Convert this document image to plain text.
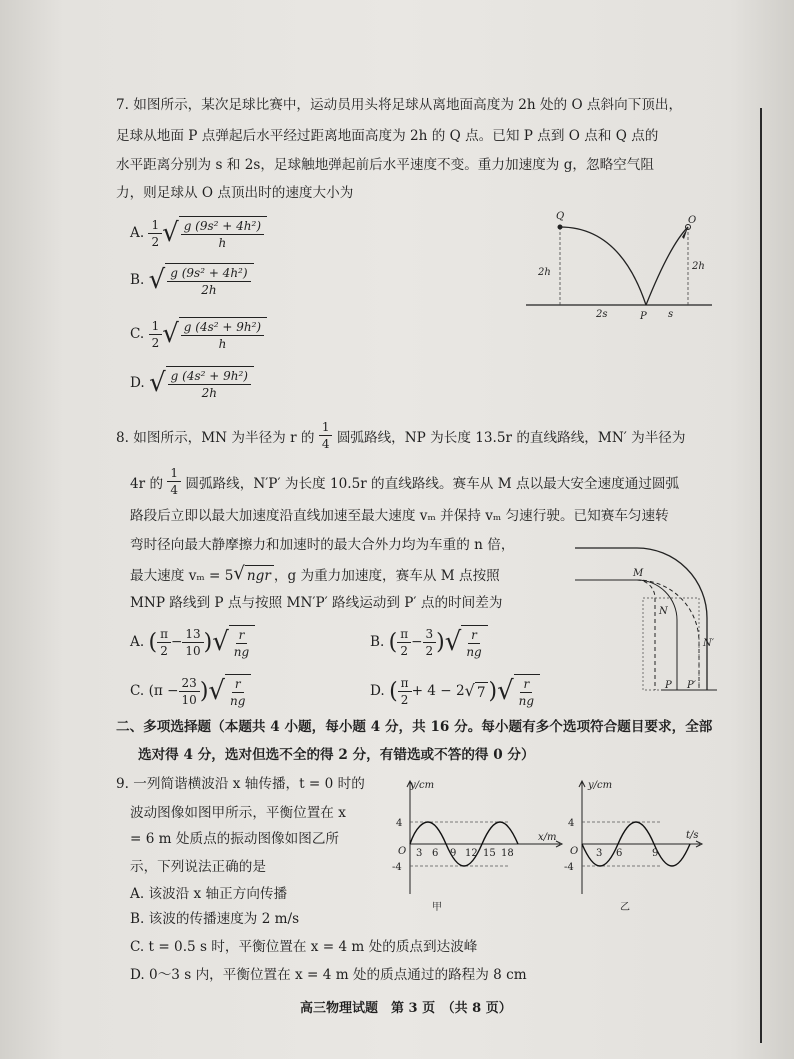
7. 如图所示，某次足球比赛中，运动员用头将足球从离地面高度为 2h 处的 O 点斜向下顶出，
足球从地面 P 点弹起后水平经过距离地面高度为 2h 的 Q 点。已知 P 点到 O 点和 Q 点的
水平距离分别为 s 和 2s，足球触地弹起前后水平速度不变。重力加速度为 g，忽略空气阻
力，则足球从 O 点顶出时的速度大小为
A.

1
2 √ g (9s² + 4h²)
h
B.
√ g (9s² + 4h²)
2h
C.

1
2 √ g (4s² + 9h²)
h
D.
√ g (4s² + 9h²)
2h
Q	O
P
2h
2h
2s	s
8. 如图所示，MN 为半径为 r 的

1
4
圆弧路线，NP 为长度 13.5r 的直线路线，MN′ 为半径为
4r 的

1
4
圆弧路线，N′P′ 为长度 10.5r 的直线路线。赛车从 M 点以最大安全速度通过圆弧
路段后立即以最大加速度沿直线加速至最大速度 vₘ 并保持 vₘ 匀速行驶。已知赛车匀速转
弯时径向最大静摩擦力和加速时的最大合外力均为车重的 n 倍，
最大速度 vₘ = 5 √ ngr ，g 为重力加速度，赛车从 M 点按照
MNP 路线到 P 点与按照 MN′P′ 路线运动到 P′ 点的时间差为
A.
( π
2
− $\frac{13}{10}$ ) √ r
ng
B.
( π
2
− $\frac{3}{2}$ ) √ r
ng
C.
($\pi - \frac{23}{10}$ ) √ r
ng
D.
( π
2
+ 4 − 2 √ 7 ) √ r
ng
M
N
N′
P P′
二、多项选择题（本题共 4 小题，每小题 4 分，共 16 分。每小题有多个选项符合题目要求，全部
选对得 4 分，选对但选不全的得 2 分，有错选或不答的得 0 分）
9. 一列简谐横波沿 x 轴传播，t = 0 时的
波动图像如图甲所示，平衡位置在 x
= 6 m 处质点的振动图像如图乙所
示，下列说法正确的是
A. 该波沿 x 轴正方向传播
B. 该波的传播速度为 2 m/s
C. t = 0.5 s 时，平衡位置在 x = 4 m 处的质点到达波峰
D. 0～3 s 内，平衡位置在 x = 4 m 处的质点通过的路程为 8 cm
y/cm
x/m
4
-4
O 3 6 9 12 15 18
甲
y/cm
t/s
4
-4
O 3 6	9
乙
高三物理试题　第 3 页　（共 8 页）
